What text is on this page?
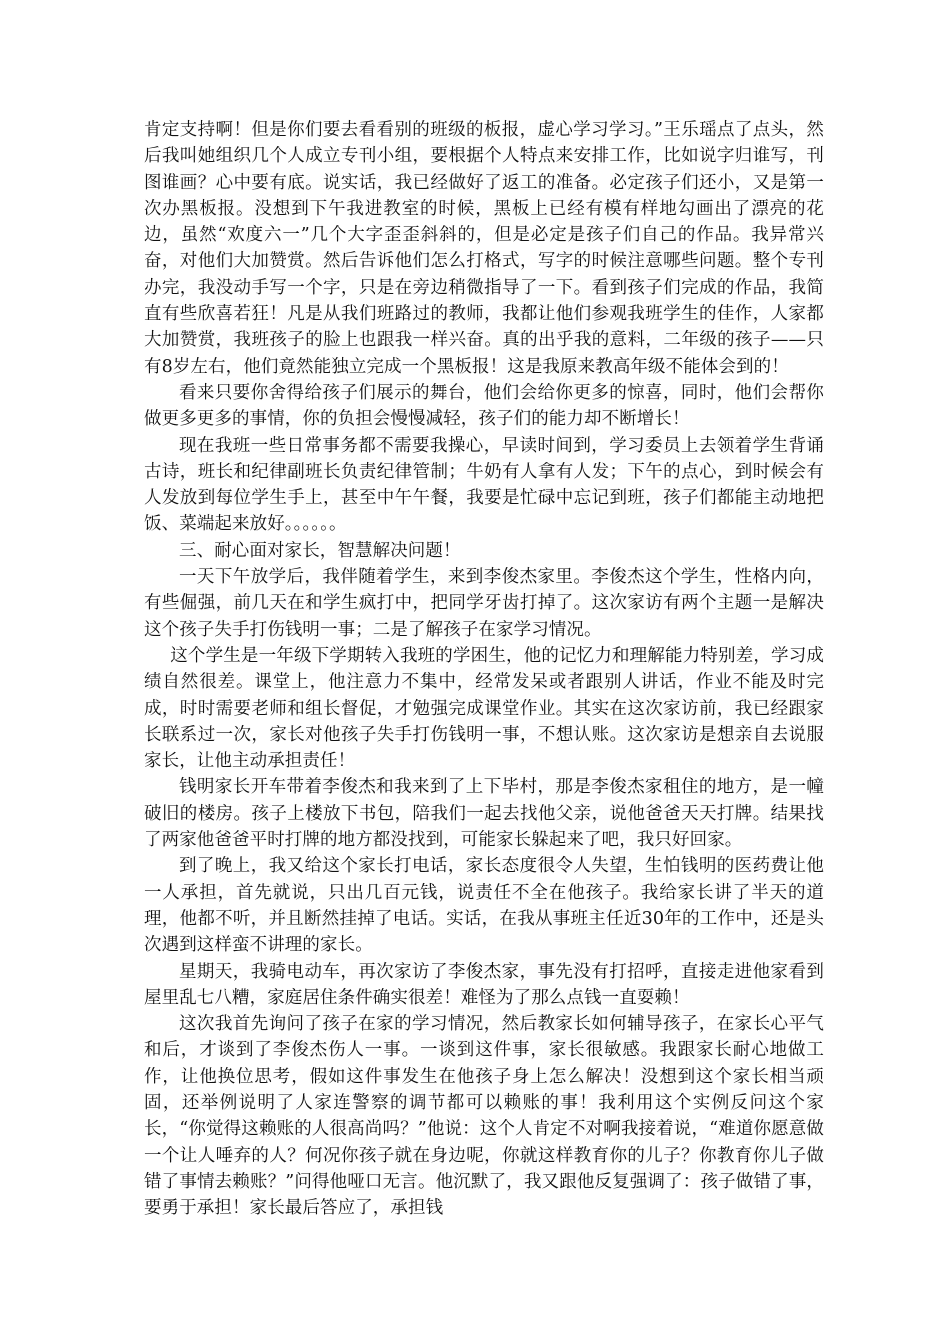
肯定支持啊！但是你们要去看看别的班级的板报，虚心学习学习。”王乐瑶点了点头，然后我叫她组织几个人成立专刊小组，要根据个人特点来安排工作，比如说字归谁写，刊图谁画？心中要有底。说实话，我已经做好了返工的准备。必定孩子们还小，又是第一次办黑板报。没想到下午我进教室的时候，黑板上已经有模有样地勾画出了漂亮的花边，虽然“欢度六一”几个大字歪歪斜斜的，但是必定是孩子们自己的作品。我异常兴奋，对他们大加赞赏。然后告诉他们怎么打格式，写字的时候注意哪些问题。整个专刊办完，我没动手写一个字，只是在旁边稍微指导了一下。看到孩子们完成的作品，我简直有些欣喜若狂！凡是从我们班路过的教师，我都让他们参观我班学生的佳作，人家都大加赞赏，我班孩子的脸上也跟我一样兴奋。真的出乎我的意料，二年级的孩子——只有8岁左右，他们竟然能独立完成一个黑板报！这是我原来教高年级不能体会到的！

看来只要你舍得给孩子们展示的舞台，他们会给你更多的惊喜，同时，他们会帮你做更多更多的事情，你的负担会慢慢减轻，孩子们的能力却不断增长！

现在我班一些日常事务都不需要我操心，早读时间到，学习委员上去领着学生背诵古诗，班长和纪律副班长负责纪律管制；牛奶有人拿有人发；下午的点心，到时候会有人发放到每位学生手上，甚至中午午餐，我要是忙碌中忘记到班，孩子们都能主动地把饭、菜端起来放好。。。。。。

三、耐心面对家长，智慧解决问题！

一天下午放学后，我伴随着学生，来到李俊杰家里。李俊杰这个学生，性格内向，有些倔强，前几天在和学生疯打中，把同学牙齿打掉了。这次家访有两个主题一是解决这个孩子失手打伤钱明一事；二是了解孩子在家学习情况。

这个学生是一年级下学期转入我班的学困生，他的记忆力和理解能力特别差，学习成绩自然很差。课堂上，他注意力不集中，经常发呆或者跟别人讲话，作业不能及时完成，时时需要老师和组长督促，才勉强完成课堂作业。其实在这次家访前，我已经跟家长联系过一次，家长对他孩子失手打伤钱明一事，不想认账。这次家访是想亲自去说服家长，让他主动承担责任！

钱明家长开车带着李俊杰和我来到了上下毕村，那是李俊杰家租住的地方，是一幢破旧的楼房。孩子上楼放下书包，陪我们一起去找他父亲，说他爸爸天天打牌。结果找了两家他爸爸平时打牌的地方都没找到，可能家长躲起来了吧，我只好回家。

到了晚上，我又给这个家长打电话，家长态度很令人失望，生怕钱明的医药费让他一人承担，首先就说，只出几百元钱，说责任不全在他孩子。我给家长讲了半天的道理，他都不听，并且断然挂掉了电话。实话，在我从事班主任近30年的工作中，还是头次遇到这样蛮不讲理的家长。

星期天，我骑电动车，再次家访了李俊杰家，事先没有打招呼，直接走进他家看到屋里乱七八糟，家庭居住条件确实很差！难怪为了那么点钱一直耍赖！

这次我首先询问了孩子在家的学习情况，然后教家长如何辅导孩子，在家长心平气和后，才谈到了李俊杰伤人一事。一谈到这件事，家长很敏感。我跟家长耐心地做工作，让他换位思考，假如这件事发生在他孩子身上怎么解决！没想到这个家长相当顽固，还举例说明了人家连警察的调节都可以赖账的事！我利用这个实例反问这个家长，“你觉得这赖账的人很高尚吗？”他说：这个人肯定不对啊我接着说，“难道你愿意做一个让人唾弃的人？何况你孩子就在身边呢，你就这样教育你的儿子？你教育你儿子做错了事情去赖账？”问得他哑口无言。他沉默了，我又跟他反复强调了：孩子做错了事，要勇于承担！家长最后答应了，承担钱
